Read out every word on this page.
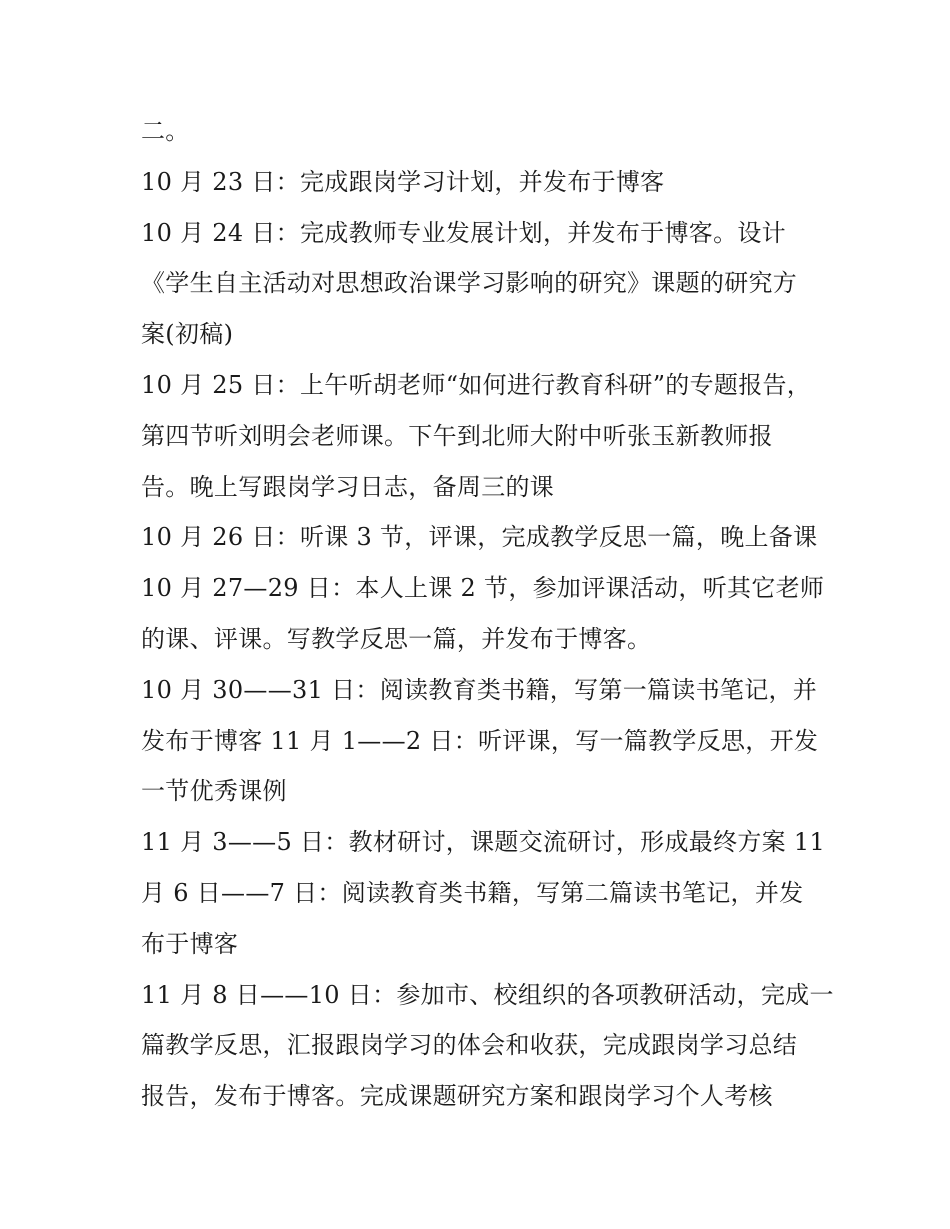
二。
10 月 23 日：完成跟岗学习计划，并发布于博客
10 月 24 日：完成教师专业发展计划，并发布于博客。设计
《学生自主活动对思想政治课学习影响的研究》课题的研究方
案(初稿)
10 月 25 日：上午听胡老师“如何进行教育科研”的专题报告，
第四节听刘明会老师课。下午到北师大附中听张玉新教师报
告。晚上写跟岗学习日志，备周三的课
10 月 26 日：听课 3 节，评课，完成教学反思一篇，晚上备课
10 月 27—29 日：本人上课 2 节，参加评课活动，听其它老师
的课、评课。写教学反思一篇，并发布于博客。
10 月 30——31 日：阅读教育类书籍，写第一篇读书笔记，并
发布于博客 11 月 1——2 日：听评课，写一篇教学反思，开发
一节优秀课例
11 月 3——5 日：教材研讨，课题交流研讨，形成最终方案 11
月 6 日——7 日：阅读教育类书籍，写第二篇读书笔记，并发
布于博客
11 月 8 日——10 日：参加市、校组织的各项教研活动，完成一
篇教学反思，汇报跟岗学习的体会和收获，完成跟岗学习总结
报告，发布于博客。完成课题研究方案和跟岗学习个人考核
